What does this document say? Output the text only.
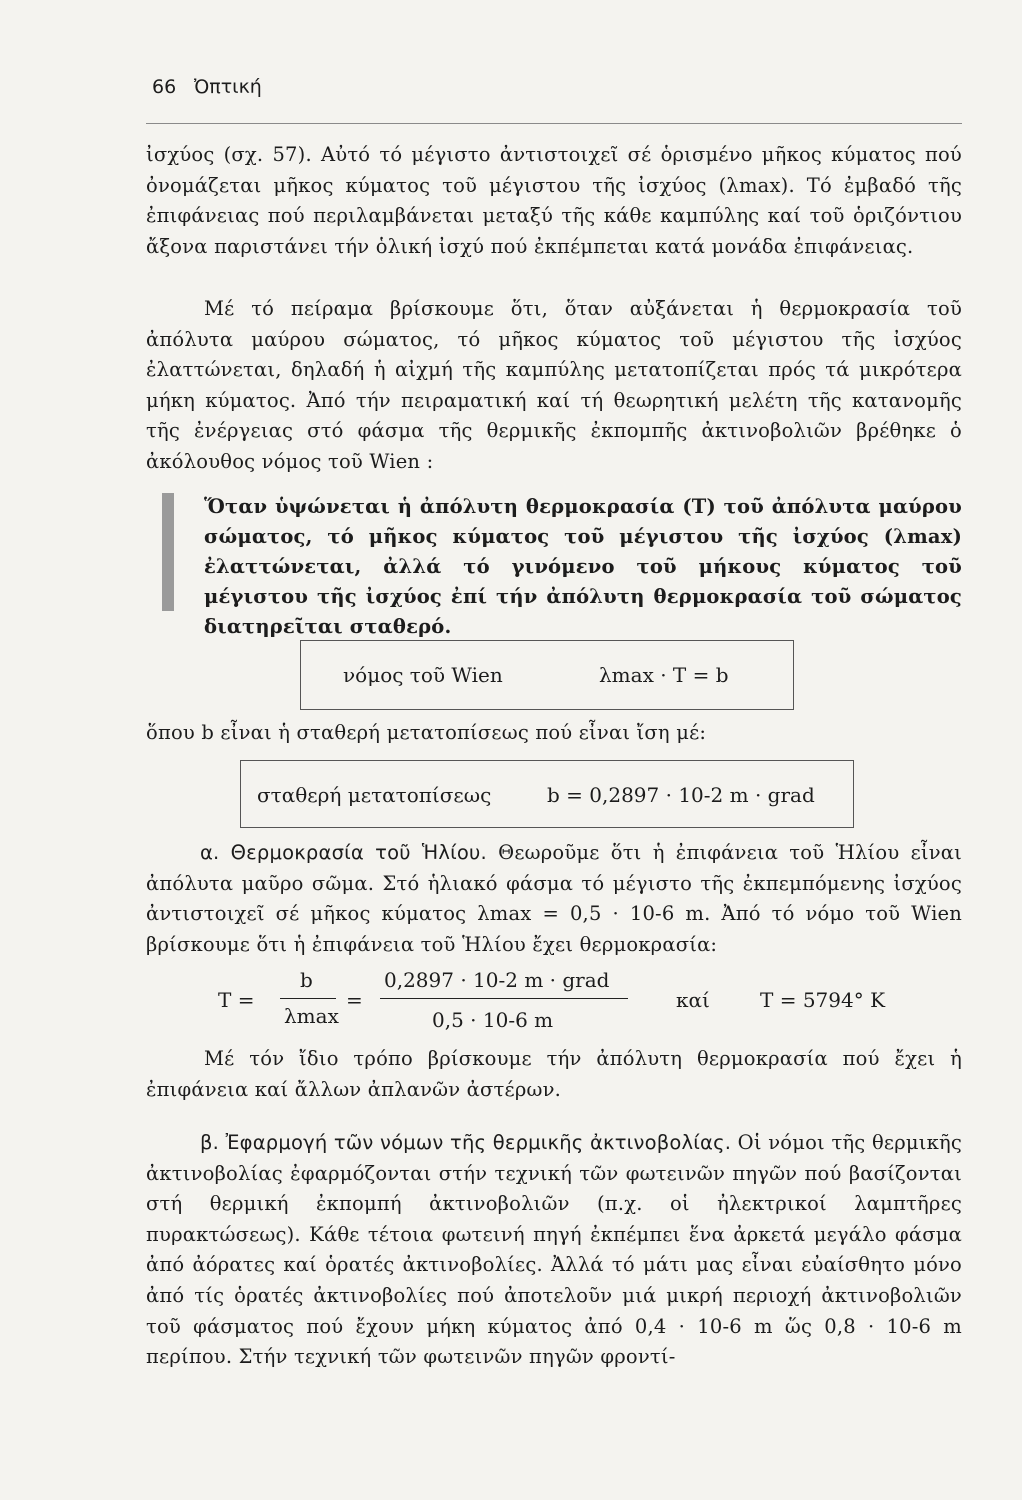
66 Ὀπτική

ἰσχύος (σχ. 57). Αὐτό τό μέγιστο ἀντιστοιχεῖ σέ ὁρισμένο μῆκος κύματος πού ὀνομάζεται μῆκος κύματος τοῦ μέγιστου τῆς ἰσχύος (λmax). Τό ἐμβαδό τῆς ἐπιφάνειας πού περιλαμβάνεται μεταξύ τῆς κάθε καμπύλης καί τοῦ ὁριζόντιου ἄξονα παριστάνει τήν ὁλική ἰσχύ πού ἐκπέμπεται κατά μονάδα ἐπιφάνειας.

Μέ τό πείραμα βρίσκουμε ὅτι, ὅταν αὐξάνεται ἡ θερμοκρασία τοῦ ἀπόλυτα μαύρου σώματος, τό μῆκος κύματος τοῦ μέγιστου τῆς ἰσχύος ἐλαττώνεται, δηλαδή ἡ αἰχμή τῆς καμπύλης μετατοπίζεται πρός τά μικρότερα μήκη κύματος. Ἀπό τήν πειραματική καί τή θεωρητική μελέτη τῆς κατανομῆς τῆς ἐνέργειας στό φάσμα τῆς θερμικῆς ἐκπομπῆς ἀκτινοβολιῶν βρέθηκε ὁ ἀκόλουθος νόμος τοῦ Wien :

Ὅταν ὑψώνεται ἡ ἀπόλυτη θερμοκρασία (Τ) τοῦ ἀπόλυτα μαύρου σώματος, τό μῆκος κύματος τοῦ μέγιστου τῆς ἰσχύος (λmax) ἐλαττώνεται, ἀλλά τό γινόμενο τοῦ μήκους κύματος τοῦ μέγιστου τῆς ἰσχύος ἐπί τήν ἀπόλυτη θερμοκρασία τοῦ σώματος διατηρεῖται σταθερό.

νόμος τοῦ Wien	λmax · T = b

ὅπου b εἶναι ἡ σταθερή μετατοπίσεως πού εἶναι ἴση μέ:

σταθερή μετατοπίσεως	b = 0,2897 · 10-2 m · grad

α. Θερμοκρασία τοῦ Ἡλίου. Θεωροῦμε ὅτι ἡ ἐπιφάνεια τοῦ Ἡλίου εἶναι ἀπόλυτα μαῦρο σῶμα. Στό ἡλιακό φάσμα τό μέγιστο τῆς ἐκπεμπόμενης ἰσχύος ἀντιστοιχεῖ σέ μῆκος κύματος λmax = 0,5 · 10-6 m. Ἀπό τό νόμο τοῦ Wien βρίσκουμε ὅτι ἡ ἐπιφάνεια τοῦ Ἡλίου ἔχει θερμοκρασία:

T =
b
λmax
=
0,2897 · 10-2 m · grad
0,5 · 10-6 m
καί	T = 5794° K

Μέ τόν ἴδιο τρόπο βρίσκουμε τήν ἀπόλυτη θερμοκρασία πού ἔχει ἡ ἐπιφάνεια καί ἄλλων ἀπλανῶν ἀστέρων.

β. Ἐφαρμογή τῶν νόμων τῆς θερμικῆς ἀκτινοβολίας. Οἱ νόμοι τῆς θερμικῆς ἀκτινοβολίας ἐφαρμόζονται στήν τεχνική τῶν φωτεινῶν πηγῶν πού βασίζονται στή θερμική ἐκπομπή ἀκτινοβολιῶν (π.χ. οἱ ἠλεκτρικοί λαμπτῆρες πυρακτώσεως). Κάθε τέτοια φωτεινή πηγή ἐκπέμπει ἕνα ἀρκετά μεγάλο φάσμα ἀπό ἀόρατες καί ὁρατές ἀκτινοβολίες. Ἀλλά τό μάτι μας εἶναι εὐαίσθητο μόνο ἀπό τίς ὁρατές ἀκτινοβολίες πού ἀποτελοῦν μιά μικρή περιοχή ἀκτινοβολιῶν τοῦ φάσματος πού ἔχουν μήκη κύματος ἀπό 0,4 · 10-6 m ὥς 0,8 · 10-6 m περίπου. Στήν τεχνική τῶν φωτεινῶν πηγῶν φροντί-
